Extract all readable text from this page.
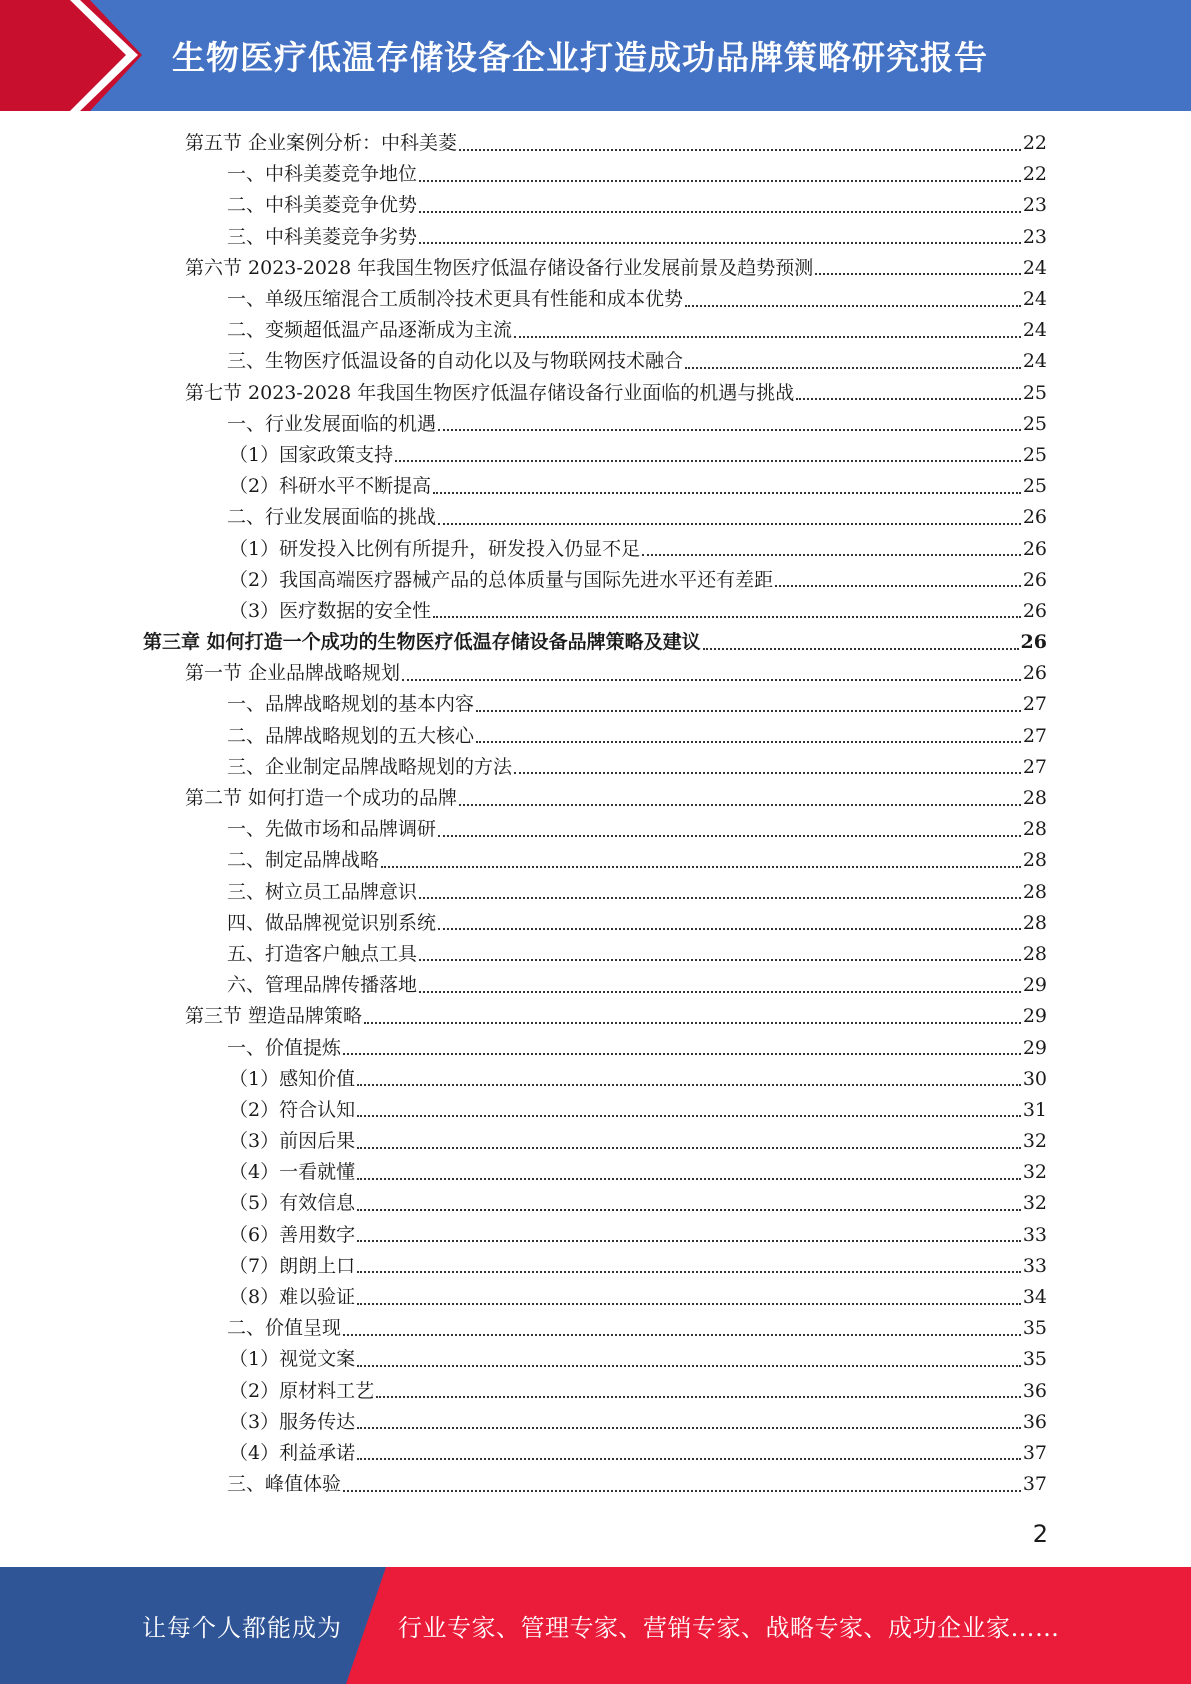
生物医疗低温存储设备企业打造成功品牌策略研究报告
第五节 企业案例分析：中科美菱	22
一、中科美菱竞争地位	22
二、中科美菱竞争优势	23
三、中科美菱竞争劣势	23
第六节 2023-2028 年我国生物医疗低温存储设备行业发展前景及趋势预测	24
一、单级压缩混合工质制冷技术更具有性能和成本优势	24
二、变频超低温产品逐渐成为主流	24
三、生物医疗低温设备的自动化以及与物联网技术融合	24
第七节 2023-2028 年我国生物医疗低温存储设备行业面临的机遇与挑战	25
一、行业发展面临的机遇	25
（1）国家政策支持	25
（2）科研水平不断提高	25
二、行业发展面临的挑战	26
（1）研发投入比例有所提升，研发投入仍显不足	26
（2）我国高端医疗器械产品的总体质量与国际先进水平还有差距	26
（3）医疗数据的安全性	26
第三章 如何打造一个成功的生物医疗低温存储设备品牌策略及建议	26
第一节 企业品牌战略规划	26
一、品牌战略规划的基本内容	27
二、品牌战略规划的五大核心	27
三、企业制定品牌战略规划的方法	27
第二节 如何打造一个成功的品牌	28
一、先做市场和品牌调研	28
二、制定品牌战略	28
三、树立员工品牌意识	28
四、做品牌视觉识别系统	28
五、打造客户触点工具	28
六、管理品牌传播落地	29
第三节 塑造品牌策略	29
一、价值提炼	29
（1）感知价值	30
（2）符合认知	31
（3）前因后果	32
（4）一看就懂	32
（5）有效信息	32
（6）善用数字	33
（7）朗朗上口	33
（8）难以验证	34
二、价值呈现	35
（1）视觉文案	35
（2）原材料工艺	36
（3）服务传达	36
（4）利益承诺	37
三、峰值体验	37
2
让每个人都能成为 行业专家、管理专家、营销专家、战略专家、成功企业家……
